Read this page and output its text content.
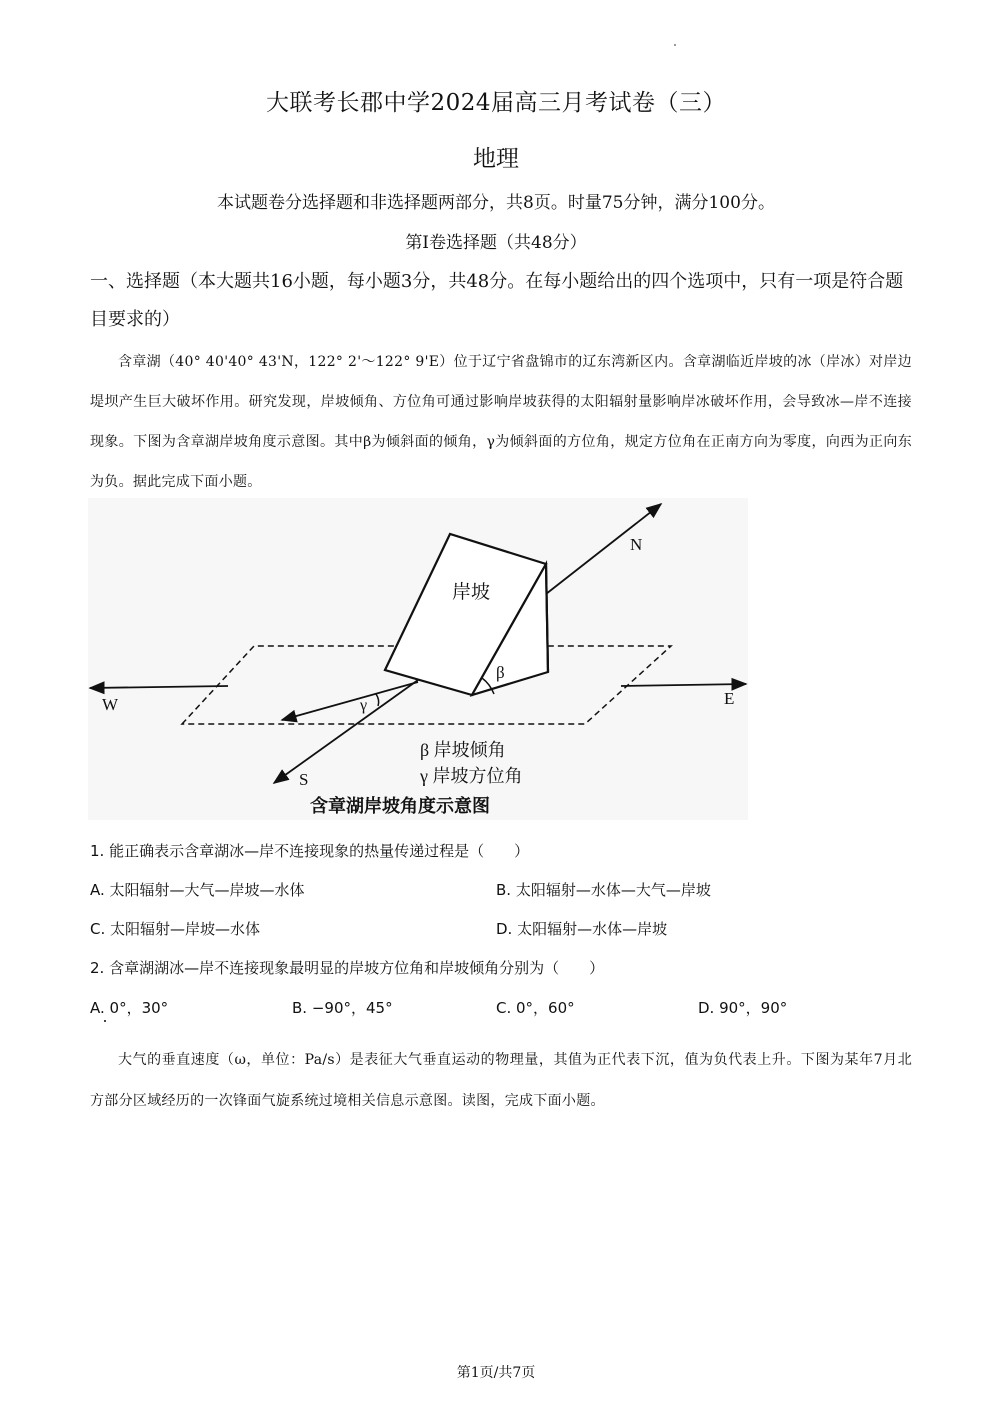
大联考长郡中学2024届高三月考试卷（三）
地理
本试题卷分选择题和非选择题两部分，共8页。时量75分钟，满分100分。
第Ⅰ卷选择题（共48分）
一、选择题（本大题共16小题，每小题3分，共48分。在每小题给出的四个选项中，只有一项是符合题目要求的）
含章湖（40° 40'40° 43'N，122° 2'～122° 9'E）位于辽宁省盘锦市的辽东湾新区内。含章湖临近岸坡的冰（岸冰）对岸边堤坝产生巨大破坏作用。研究发现，岸坡倾角、方位角可通过影响岸坡获得的太阳辐射量影响岸冰破坏作用，会导致冰—岸不连接现象。下图为含章湖岸坡角度示意图。其中β为倾斜面的倾角，γ为倾斜面的方位角，规定方位角在正南方向为零度，向西为正向东为负。据此完成下面小题。
岸坡
N
S
W	E
β
γ
β 岸坡倾角
γ 岸坡方位角
含章湖岸坡角度示意图
1. 能正确表示含章湖冰—岸不连接现象的热量传递过程是（　　）
A. 太阳辐射—大气—岸坡—水体	B. 太阳辐射—水体—大气—岸坡
C. 太阳辐射—岸坡—水体	D. 太阳辐射—水体—岸坡
2. 含章湖湖冰—岸不连接现象最明显的岸坡方位角和岸坡倾角分别为（　　）
A. 0°，30°	B. −90°，45°	C. 0°，60°	D. 90°，90°
大气的垂直速度（ω，单位：Pa/s）是表征大气垂直运动的物理量，其值为正代表下沉，值为负代表上升。下图为某年7月北方部分区域经历的一次锋面气旋系统过境相关信息示意图。读图，完成下面小题。
第1页/共7页
